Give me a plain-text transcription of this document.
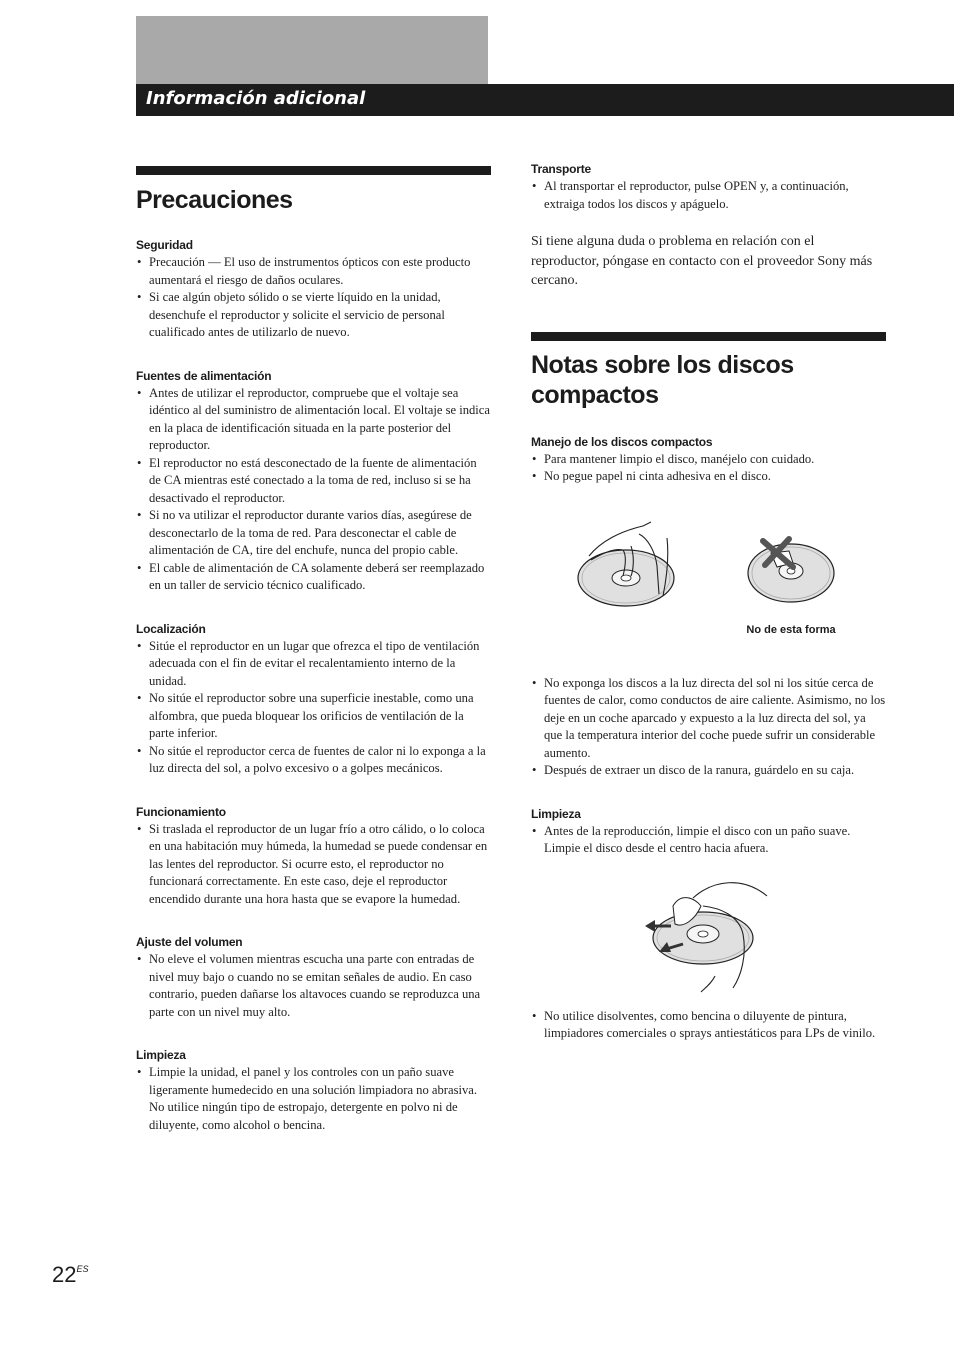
Información adicional
Precauciones
Seguridad
• Precaución — El uso de instrumentos ópticos con este producto aumentará el riesgo de daños oculares.
• Si cae algún objeto sólido o se vierte líquido en la unidad, desenchufe el reproductor y solicite el servicio de personal cualificado antes de utilizarlo de nuevo.
Fuentes de alimentación
• Antes de utilizar el reproductor, compruebe que el voltaje sea idéntico al del suministro de alimentación local. El voltaje se indica en la placa de identificación situada en la parte posterior del reproductor.
• El reproductor no está desconectado de la fuente de alimentación de CA mientras esté conectado a la toma de red, incluso si se ha desactivado el reproductor.
• Si no va utilizar el reproductor durante varios días, asegúrese de desconectarlo de la toma de red. Para desconectar el cable de alimentación de CA, tire del enchufe, nunca del propio cable.
• El cable de alimentación de CA solamente deberá ser reemplazado en un taller de servicio técnico cualificado.
Localización
• Sitúe el reproductor en un lugar que ofrezca el tipo de ventilación adecuada con el fin de evitar el recalentamiento interno de la unidad.
• No sitúe el reproductor sobre una superficie inestable, como una alfombra, que pueda bloquear los orificios de ventilación de la parte inferior.
• No sitúe el reproductor cerca de fuentes de calor ni lo exponga a la luz directa del sol, a polvo excesivo o a golpes mecánicos.
Funcionamiento
• Si traslada el reproductor de un lugar frío a otro cálido, o lo coloca en una habitación muy húmeda, la humedad se puede condensar en las lentes del reproductor. Si ocurre esto, el reproductor no funcionará correctamente. En este caso, deje el reproductor encendido durante una hora hasta que se evapore la humedad.
Ajuste del volumen
• No eleve el volumen mientras escucha una parte con entradas de nivel muy bajo o cuando no se emitan señales de audio. En caso contrario, pueden dañarse los altavoces cuando se reproduzca una parte con un nivel muy alto.
Limpieza
• Limpie la unidad, el panel y los controles con un paño suave ligeramente humedecido en una solución limpiadora no abrasiva. No utilice ningún tipo de estropajo, detergente en polvo ni de diluyente, como alcohol o bencina.
Transporte
• Al transportar el reproductor, pulse OPEN y, a continuación, extraiga todos los discos y apáguelo.

Si tiene alguna duda o problema en relación con el reproductor, póngase en contacto con el proveedor Sony más cercano.

Notas sobre los discos
compactos
Manejo de los discos compactos
• Para mantener limpio el disco, manéjelo con cuidado.
• No pegue papel ni cinta adhesiva en el disco.
No de esta forma
• No exponga los discos a la luz directa del sol ni los sitúe cerca de fuentes de calor, como conductos de aire caliente. Asimismo, no los deje en un coche aparcado y expuesto a la luz directa del sol, ya que la temperatura interior del coche puede sufrir un considerable aumento.
• Después de extraer un disco de la ranura, guárdelo en su caja.
Limpieza
• Antes de la reproducción, limpie el disco con un paño suave. Limpie el disco desde el centro hacia afuera.
• No utilice disolventes, como bencina o diluyente de pintura, limpiadores comerciales o sprays antiestáticos para LPs de vinilo.
$22^{ES}$
